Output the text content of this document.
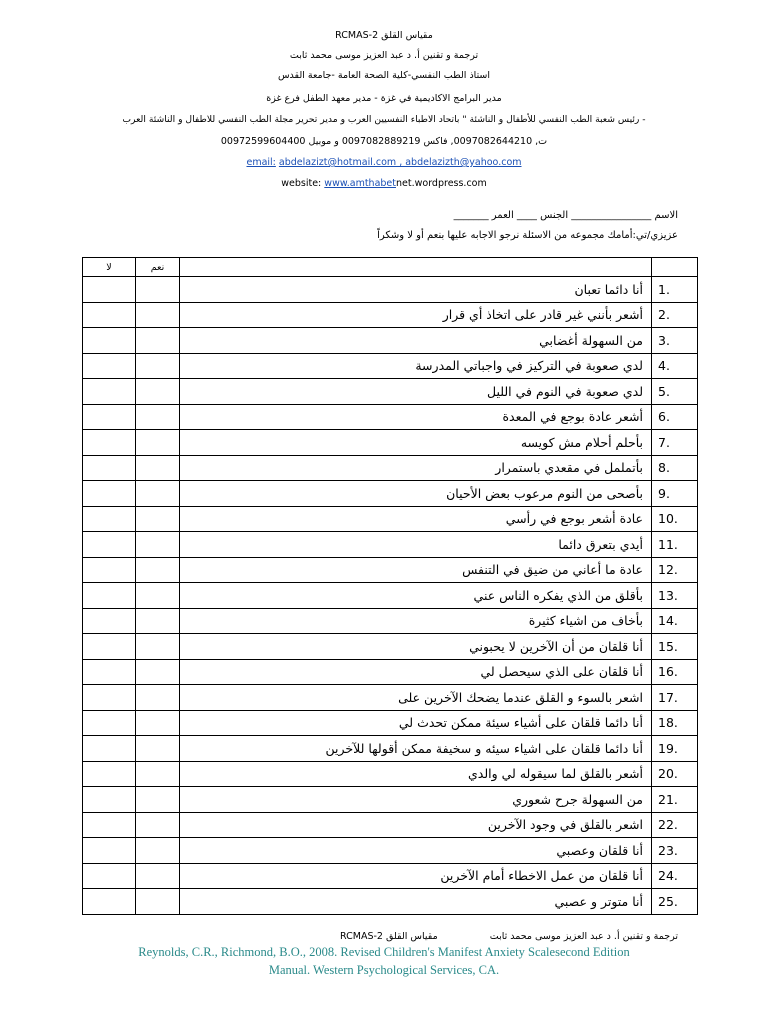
مقياس القلق RCMAS-2
ترجمة و تقنين أ. د عبد العزيز موسى محمد ثابت
استاذ الطب النفسي-كلية الصحة العامة -جامعة القدس
مدير البرامج الاكاديمية في غزة - مدير معهد الطفل فرع غزة
- رئيس شعبة الطب النفسي للأطفال و الناشئة " باتحاد الاطباء النفسيين العرب و مدير تحرير مجلة الطب النفسي للاطفال و الناشئة العرب
ت, 0097082644210, فاكس 0097082889219 و موبيل 00972599604400
email: abdelazizt@hotmail.com , abdelazizth@yahoo.com
website: www.amthabetnet.wordpress.com
الاسم ________________ الجنس ____ العمر _______
عزيزي/تي:أمامك مجموعه من الاسئلة نرجو الاجابه عليها بنعم أو لا وشكراً
لا	نعم		
		أنا دائما تعبان	1.
		أشعر بأنني غير قادر على اتخاذ أي قرار	2.
		من السهولة أغضابي	3.
		لدي صعوبة في التركيز في واجباتي المدرسة	4.
		لدي صعوبة في النوم في الليل	5.
		أشعر عادة بوجع في المعدة	6.
		بأحلم أحلام مش كويسه	7.
		بأتململ في مقعدي باستمرار	8.
		بأصحى من النوم مرعوب بعض الأحيان	9.
		عادة أشعر بوجع في رأسي	10.
		أيدي بتعرق دائما	11.
		عادة ما أعاني من ضيق في التنفس	12.
		بأقلق من الذي يفكره الناس عني	13.
		بأخاف من اشياء كثيرة	14.
		أنا قلقان من أن الآخرين لا يحبوني	15.
		أنا قلقان على الذي سيحصل لي	16.
		اشعر بالسوء و القلق عندما يضحك الآخرين على	17.
		أنا دائما قلقان على أشياء سيئة ممكن تحدث لي	18.
		أنا دائما قلقان على اشياء سيئه و سخيفة ممكن أقولها للآخرين	19.
		أشعر بالقلق لما سيقوله لي والدي	20.
		من السهولة جرح شعوري	21.
		اشعر بالقلق في وجود الآخرين	22.
		أنا قلقان وعصبي	23.
		أنا قلقان من عمل الاخطاء أمام الآخرين	24.
		أنا متوتر و عصبي	25.
مقياس القلق RCMAS-2	ترجمة و تقنين أ. د عبد العزيز موسى محمد ثابت
Reynolds, C.R., Richmond, B.O., 2008. Revised Children's Manifest Anxiety Scalesecond Edition
Manual. Western Psychological Services, CA.
